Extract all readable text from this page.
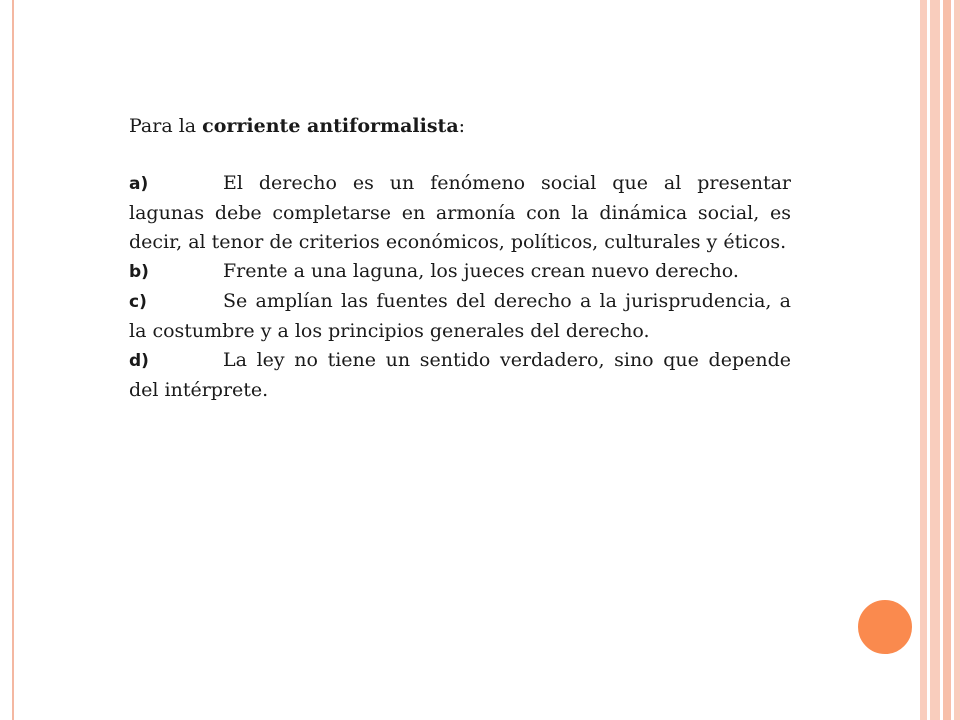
Para la corriente antiformalista:

a)	El derecho es un fenómeno social que al presentar lagunas debe completarse en armonía con la dinámica social, es decir, al tenor de criterios económicos, políticos, culturales y éticos.

b)	Frente a una laguna, los jueces crean nuevo derecho.

c)	Se amplían las fuentes del derecho a la jurisprudencia, a la costumbre y a los principios generales del derecho.

d)	La ley no tiene un sentido verdadero, sino que depende del intérprete.
